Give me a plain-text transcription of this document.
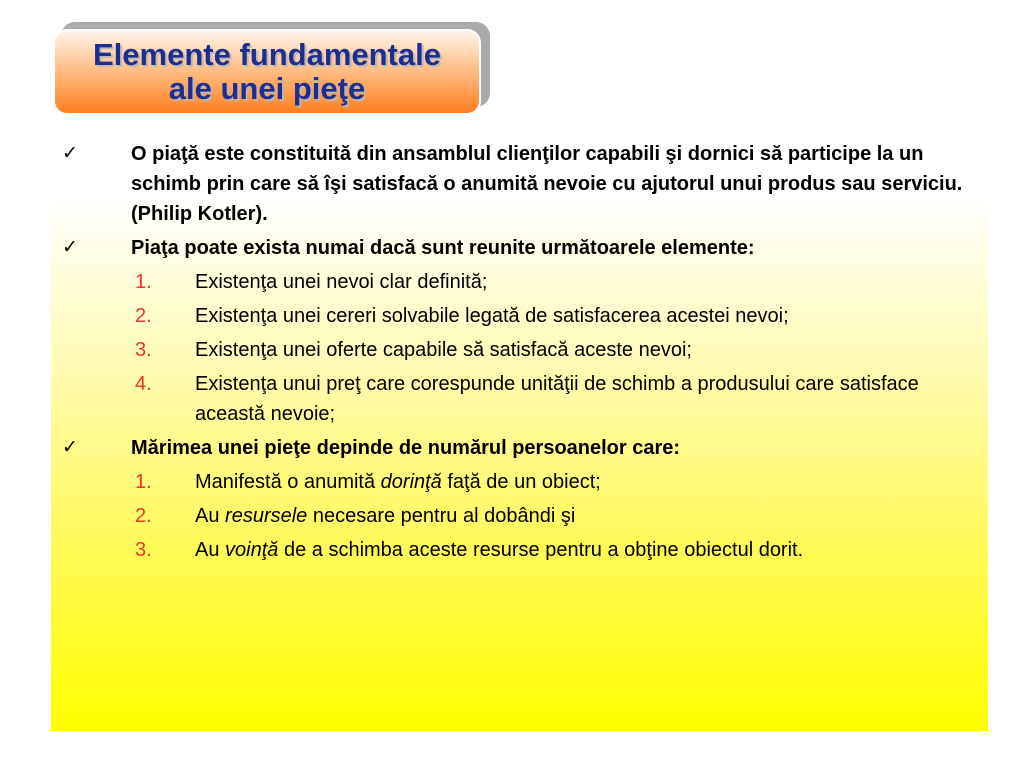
Elemente fundamentale
ale unei pieţe
✓	O piaţă este constituită din ansamblul clienţilor capabili şi dornici să participe la un schimb prin care să îşi satisfacă o anumită nevoie cu ajutorul unui produs sau serviciu. (Philip Kotler).
✓	Piaţa poate exista numai dacă sunt reunite următoarele elemente:
1. Existenţa unei nevoi clar definită;
2. Existenţa unei cereri solvabile legată de satisfacerea acestei nevoi;
3. Existenţa unei oferte capabile să satisfacă aceste nevoi;
4. Existenţa unui preţ care corespunde unităţii de schimb a produsului care satisface această nevoie;
✓	Mărimea unei pieţe depinde de numărul persoanelor care:
1. Manifestă o anumită dorinţă faţă de un obiect;
2. Au resursele necesare pentru al dobândi şi
3. Au voinţă de a schimba aceste resurse pentru a obţine obiectul dorit.
